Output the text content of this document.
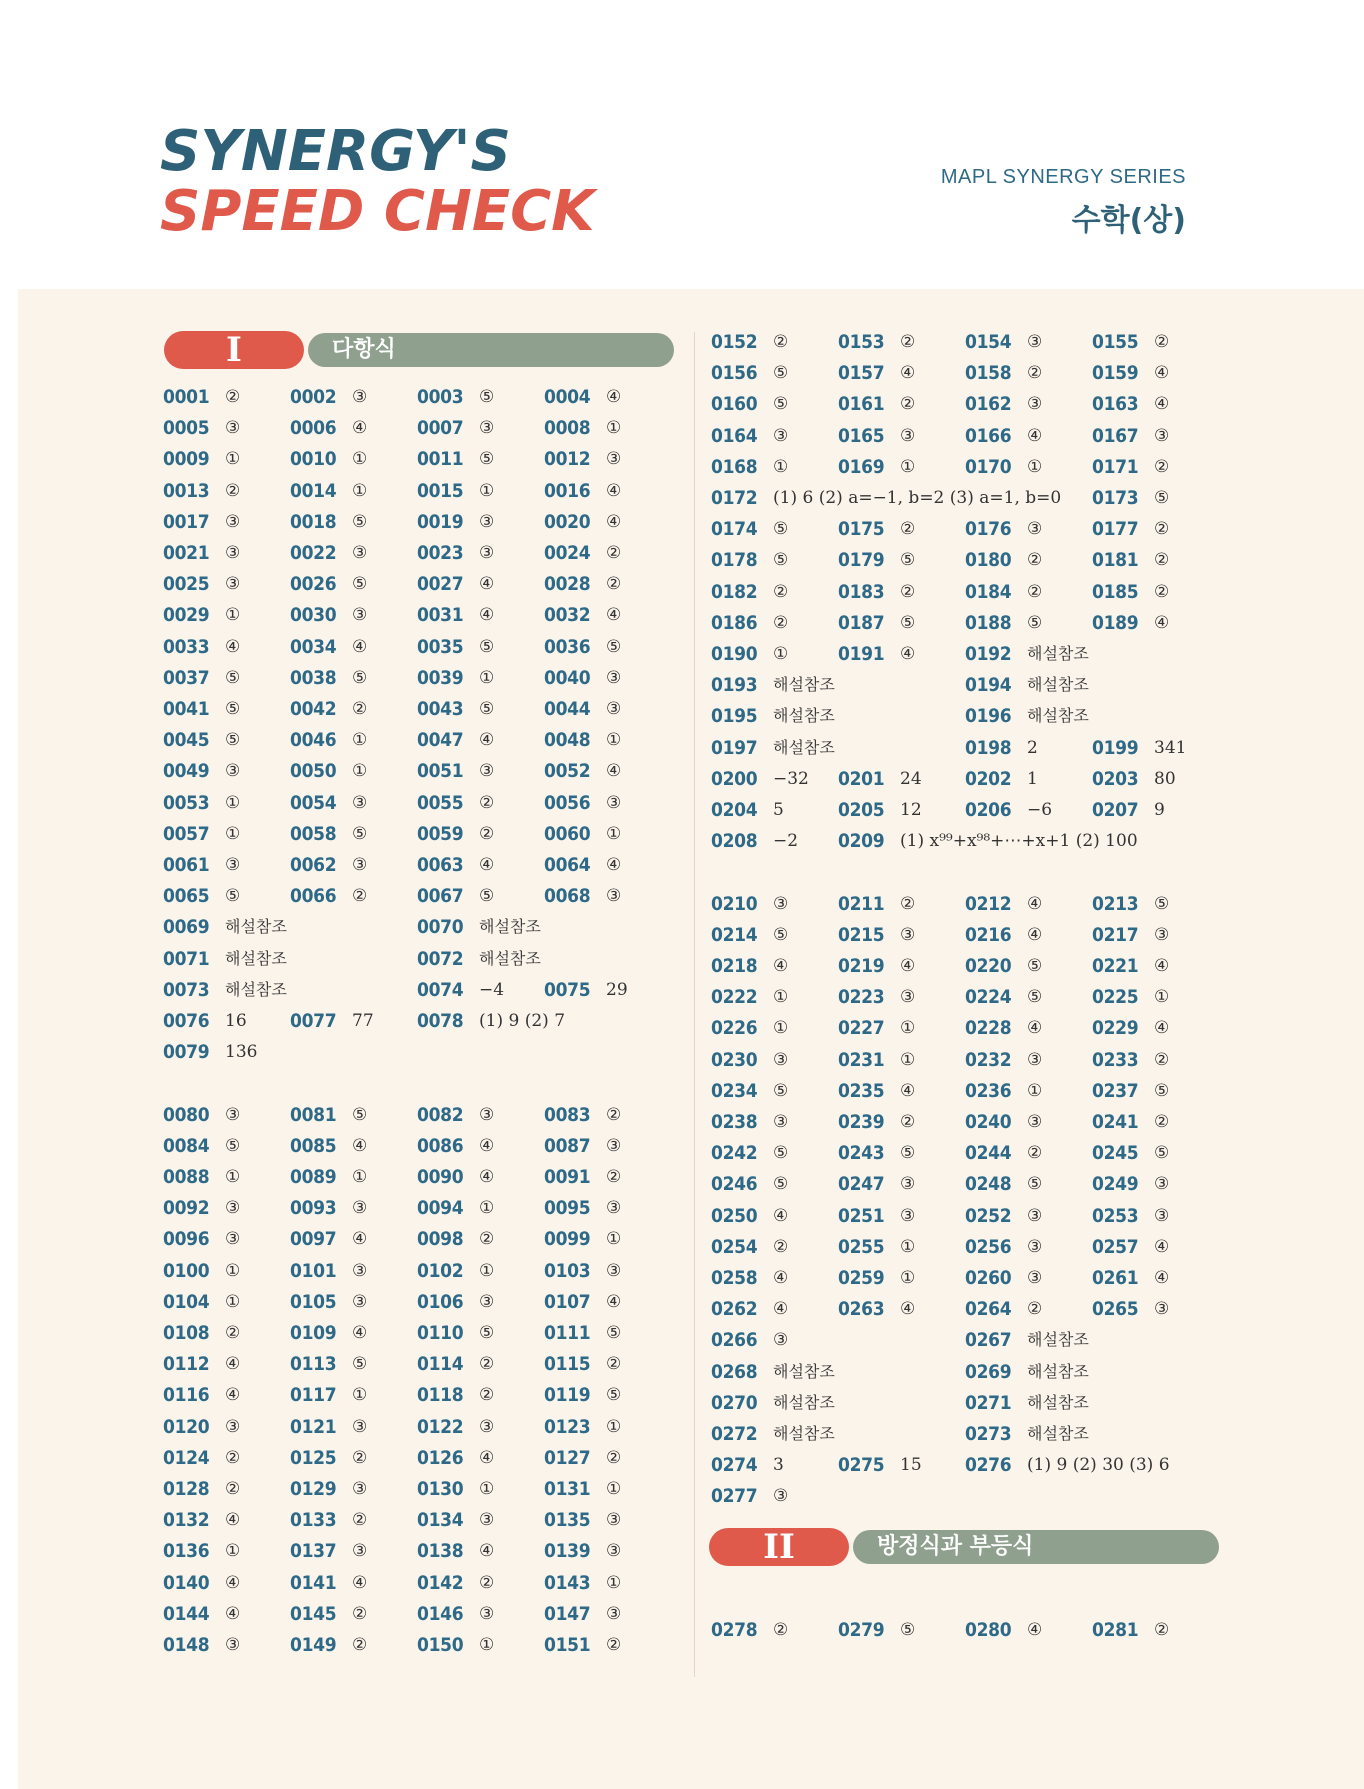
SYNERGY'S
SPEED CHECK
MAPL SYNERGY SERIES
수학(상)
I	다항식
II	방정식과 부등식
0001 ②	0002 ③	0003 ⑤	0004 ④
0005 ③	0006 ④	0007 ③	0008 ①
0009 ①	0010 ①	0011 ⑤	0012 ③
0013 ②	0014 ①	0015 ①	0016 ④
0017 ③	0018 ⑤	0019 ③	0020 ④
0021 ③	0022 ③	0023 ③	0024 ②
0025 ③	0026 ⑤	0027 ④	0028 ②
0029 ①	0030 ③	0031 ④	0032 ④
0033 ④	0034 ④	0035 ⑤	0036 ⑤
0037 ⑤	0038 ⑤	0039 ①	0040 ③
0041 ⑤	0042 ②	0043 ⑤	0044 ③
0045 ⑤	0046 ①	0047 ④	0048 ①
0049 ③	0050 ①	0051 ③	0052 ④
0053 ①	0054 ③	0055 ②	0056 ③
0057 ①	0058 ⑤	0059 ②	0060 ①
0061 ③	0062 ③	0063 ④	0064 ④
0065 ⑤	0066 ②	0067 ⑤	0068 ③
0069 해설참조	0070 해설참조
0071 해설참조	0072 해설참조
0073 해설참조	0074 −4 0075 29
0076 16 0077 77 0078 (1) 9 (2) 7
0079 136
0080 ③	0081 ⑤	0082 ③	0083 ②
0084 ⑤	0085 ④	0086 ④	0087 ③
0088 ①	0089 ①	0090 ④	0091 ②
0092 ③	0093 ③	0094 ①	0095 ③
0096 ③	0097 ④	0098 ②	0099 ①
0100 ①	0101 ③	0102 ①	0103 ③
0104 ①	0105 ③	0106 ③	0107 ④
0108 ②	0109 ④	0110 ⑤	0111 ⑤
0112 ④	0113 ⑤	0114 ②	0115 ②
0116 ④	0117 ①	0118 ②	0119 ⑤
0120 ③	0121 ③	0122 ③	0123 ①
0124 ②	0125 ②	0126 ④	0127 ②
0128 ②	0129 ③	0130 ①	0131 ①
0132 ④	0133 ②	0134 ③	0135 ③
0136 ①	0137 ③	0138 ④	0139 ③
0140 ④	0141 ④	0142 ②	0143 ①
0144 ④	0145 ②	0146 ③	0147 ③
0148 ③	0149 ②	0150 ①	0151 ②
0152 ②	0153 ②	0154 ③	0155 ②
0156 ⑤	0157 ④	0158 ②	0159 ④
0160 ⑤	0161 ②	0162 ③	0163 ④
0164 ③	0165 ③	0166 ④	0167 ③
0168 ①	0169 ①	0170 ①	0171 ②
0172 (1) 6 (2) a=−1, b=2 (3) a=1, b=0 0173 ⑤
0174 ⑤	0175 ②	0176 ③	0177 ②
0178 ⑤	0179 ⑤	0180 ②	0181 ②
0182 ②	0183 ②	0184 ②	0185 ②
0186 ②	0187 ⑤	0188 ⑤	0189 ④
0190 ①	0191 ④	0192 해설참조
0193 해설참조	0194 해설참조
0195 해설참조	0196 해설참조
0197 해설참조	0198 2	0199 341
0200 −32 0201 24 0202 1	0203 80
0204 5	0205 12 0206 −6 0207 9
0208 −2 0209 (1) x⁹⁹+x⁹⁸+⋯+x+1 (2) 100
0210 ③	0211 ②	0212 ④	0213 ⑤
0214 ⑤	0215 ③	0216 ④	0217 ③
0218 ④	0219 ④	0220 ⑤	0221 ④
0222 ①	0223 ③	0224 ⑤	0225 ①
0226 ①	0227 ①	0228 ④	0229 ④
0230 ③	0231 ①	0232 ③	0233 ②
0234 ⑤	0235 ④	0236 ①	0237 ⑤
0238 ③	0239 ②	0240 ③	0241 ②
0242 ⑤	0243 ⑤	0244 ②	0245 ⑤
0246 ⑤	0247 ③	0248 ⑤	0249 ③
0250 ④	0251 ③	0252 ③	0253 ③
0254 ②	0255 ①	0256 ③	0257 ④
0258 ④	0259 ①	0260 ③	0261 ④
0262 ④	0263 ④	0264 ②	0265 ③
0266 ③	0267 해설참조
0268 해설참조	0269 해설참조
0270 해설참조	0271 해설참조
0272 해설참조	0273 해설참조
0274 3	0275 15 0276 (1) 9 (2) 30 (3) 6
0277 ③
0278 ②	0279 ⑤	0280 ④	0281 ②
